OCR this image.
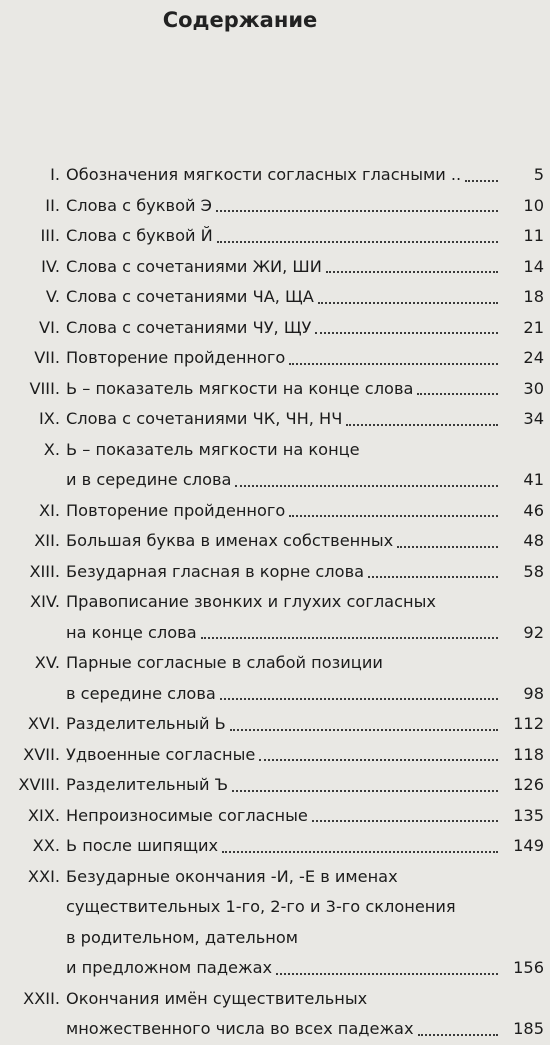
Содержание
I. Обозначения мягкости согласных гласными ..	5
II. Слова с буквой Э	10
III. Слова с буквой Й	11
IV. Слова с сочетаниями ЖИ, ШИ	14
V. Слова с сочетаниями ЧА, ЩА	18
VI. Слова с сочетаниями ЧУ, ЩУ	21
VII. Повторение пройденного	24
VIII. Ь – показатель мягкости на конце слова	30
IX. Слова с сочетаниями ЧК, ЧН, НЧ	34
X. Ь – показатель мягкости на конце
и в середине слова	41
XI. Повторение пройденного	46
XII. Большая буква в именах собственных	48
XIII. Безударная гласная в корне слова	58
XIV. Правописание звонких и глухих согласных
на конце слова	92
XV. Парные согласные в слабой позиции
в середине слова	98
XVI. Разделительный Ь	112
XVII. Удвоенные согласные	118
XVIII. Разделительный Ъ	126
XIX. Непроизносимые согласные	135
XX. Ь после шипящих	149
XXI. Безударные окончания -И, -Е в именах
существительных 1-го, 2-го и 3-го склонения
в родительном, дательном
и предложном падежах	156
XXII. Окончания имён существительных
множественного числа во всех падежах	185
